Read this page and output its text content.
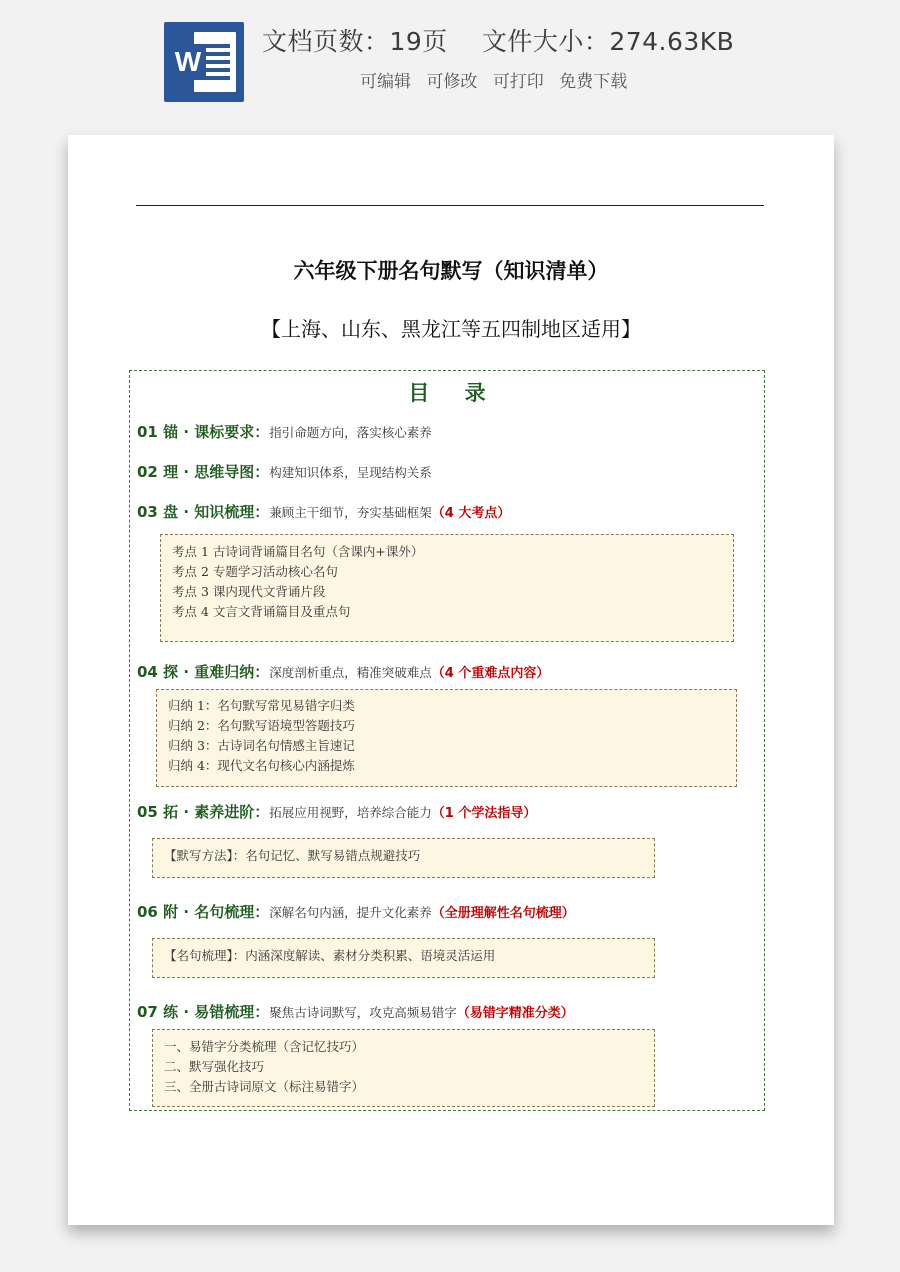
W
文档页数：19页 文件大小：274.63KB
可编辑 可修改 可打印 免费下载
六年级下册名句默写（知识清单）
【上海、山东、黑龙江等五四制地区适用】
目 录
01 锚 · 课标要求：指引命题方向，落实核心素养
02 理 · 思维导图：构建知识体系，呈现结构关系
03 盘 · 知识梳理：兼顾主干细节，夯实基础框架（4 大考点）
考点 1 古诗词背诵篇目名句（含课内+课外）
考点 2 专题学习活动核心名句
考点 3 课内现代文背诵片段
考点 4 文言文背诵篇目及重点句
04 探 · 重难归纳：深度剖析重点，精准突破难点（4 个重难点内容）
归纳 1：名句默写常见易错字归类
归纳 2：名句默写语境型答题技巧
归纳 3：古诗词名句情感主旨速记
归纳 4：现代文名句核心内涵提炼
05 拓 · 素养进阶：拓展应用视野，培养综合能力（1 个学法指导）
【默写方法】：名句记忆、默写易错点规避技巧
06 附 · 名句梳理：深解名句内涵，提升文化素养（全册理解性名句梳理）
【名句梳理】：内涵深度解读、素材分类积累、语境灵活运用
07 练 · 易错梳理：聚焦古诗词默写，攻克高频易错字（易错字精准分类）
一、易错字分类梳理（含记忆技巧）
二、默写强化技巧
三、全册古诗词原文（标注易错字）
